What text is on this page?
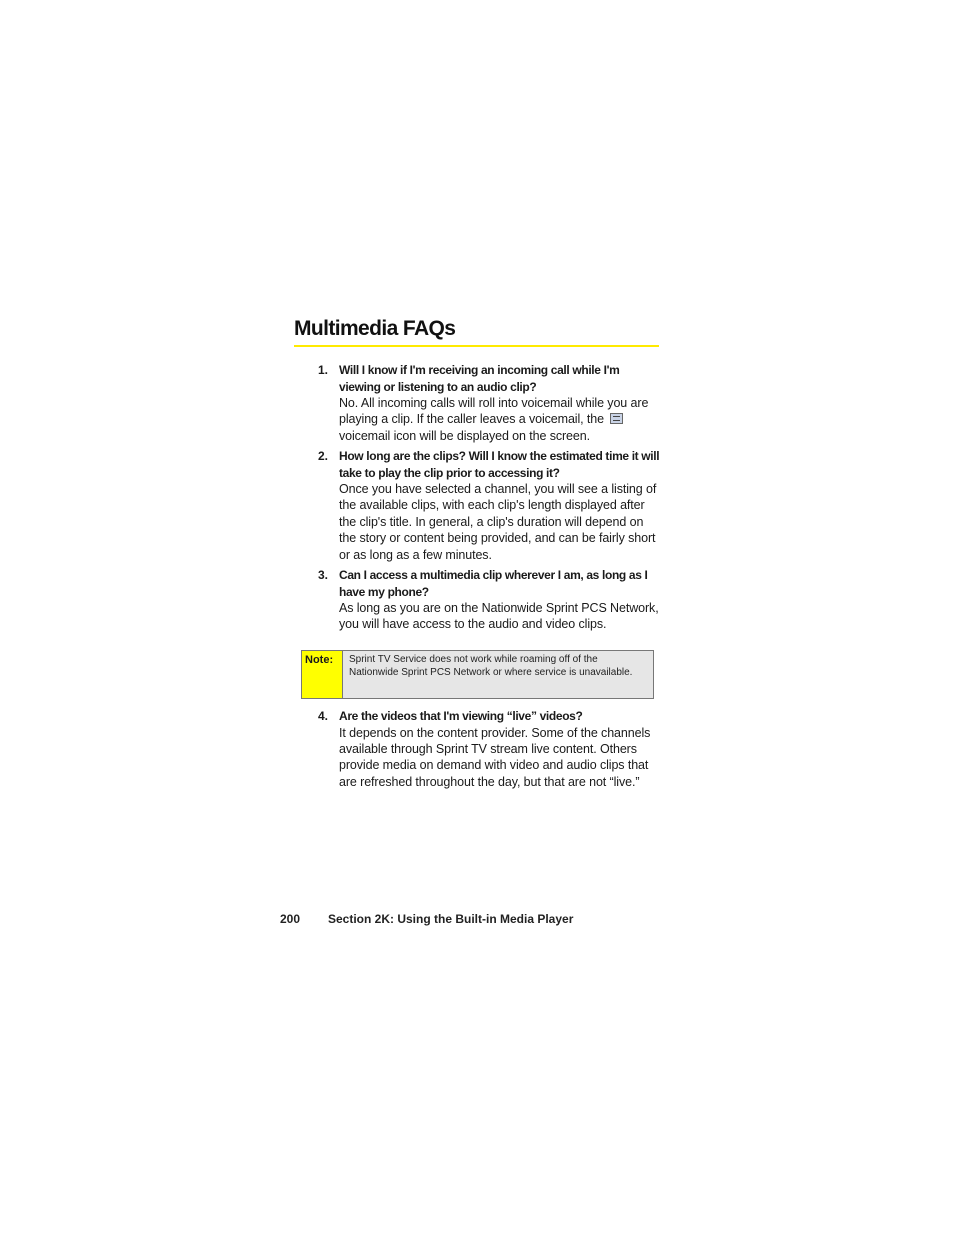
Multimedia FAQs
1. Will I know if I'm receiving an incoming call while I'm viewing or listening to an audio clip?
No. All incoming calls will roll into voicemail while you are playing a clip. If the caller leaves a voicemail, the  voicemail icon will be displayed on the screen.
2. How long are the clips? Will I know the estimated time it will take to play the clip prior to accessing it?
Once you have selected a channel, you will see a listing of the available clips, with each clip's length displayed after the clip's title. In general, a clip's duration will depend on the story or content being provided, and can be fairly short or as long as a few minutes.
3. Can I access a multimedia clip wherever I am, as long as I have my phone?
As long as you are on the Nationwide Sprint PCS Network, you will have access to the audio and video clips.
Note:	Sprint TV Service does not work while roaming off of the Nationwide Sprint PCS Network or where service is unavailable.
4. Are the videos that I'm viewing “live” videos?
It depends on the content provider. Some of the channels available through Sprint TV stream live content. Others provide media on demand with video and audio clips that are refreshed throughout the day, but that are not “live.”
200 Section 2K: Using the Built-in Media Player
